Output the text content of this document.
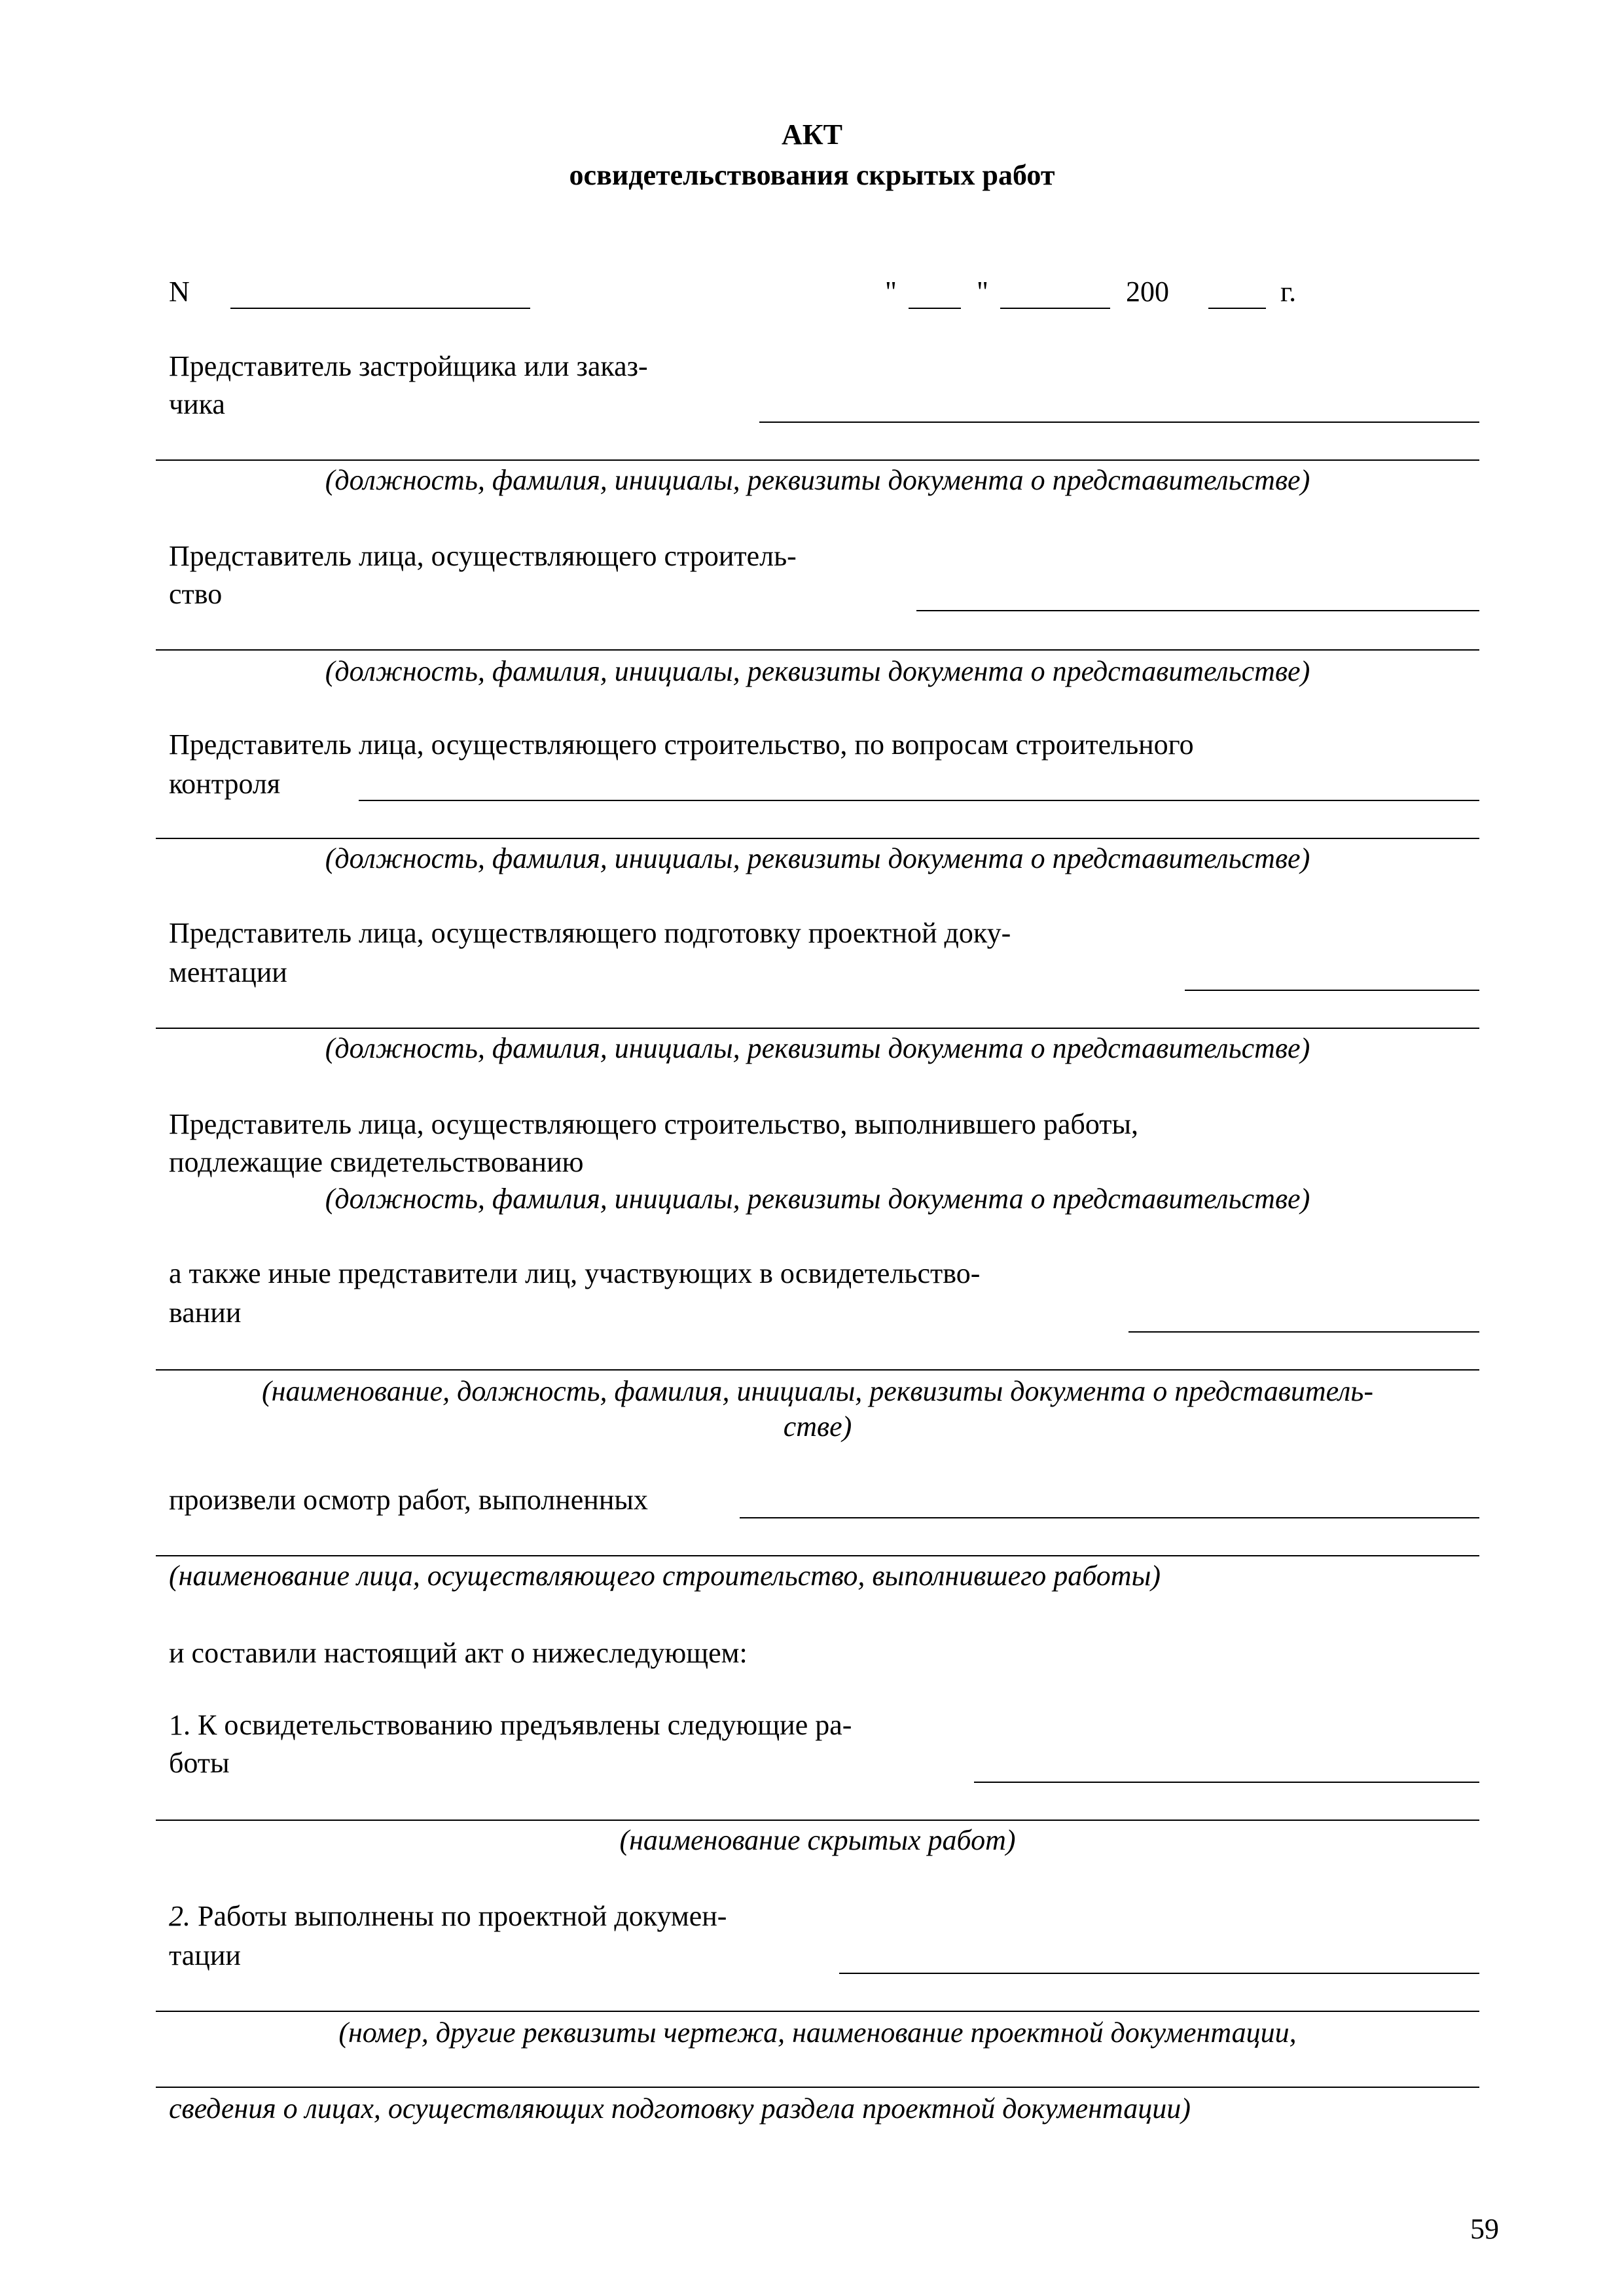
АКТ
освидетельствования скрытых работ
N	"	"	200	г.
Представитель застройщика или заказ-
чика
(должность, фамилия, инициалы, реквизиты документа о представительстве)
Представитель лица, осуществляющего строитель-
ство
(должность, фамилия, инициалы, реквизиты документа о представительстве)
Представитель лица, осуществляющего строительство, по вопросам строительного
контроля
(должность, фамилия, инициалы, реквизиты документа о представительстве)
Представитель лица, осуществляющего подготовку проектной доку-
ментации
(должность, фамилия, инициалы, реквизиты документа о представительстве)
Представитель лица, осуществляющего строительство, выполнившего работы,
подлежащие свидетельствованию
(должность, фамилия, инициалы, реквизиты документа о представительстве)
а также иные представители лиц, участвующих в освидетельство-
вании
(наименование, должность, фамилия, инициалы, реквизиты документа о представитель-
стве)
произвели осмотр работ, выполненных
(наименование лица, осуществляющего строительство, выполнившего работы)
и составили настоящий акт о нижеследующем:
1. К освидетельствованию предъявлены следующие ра-
боты
(наименование скрытых работ)
2. Работы выполнены по проектной докумен-
тации
(номер, другие реквизиты чертежа, наименование проектной документации,
сведения о лицах, осуществляющих подготовку раздела проектной документации)
59
